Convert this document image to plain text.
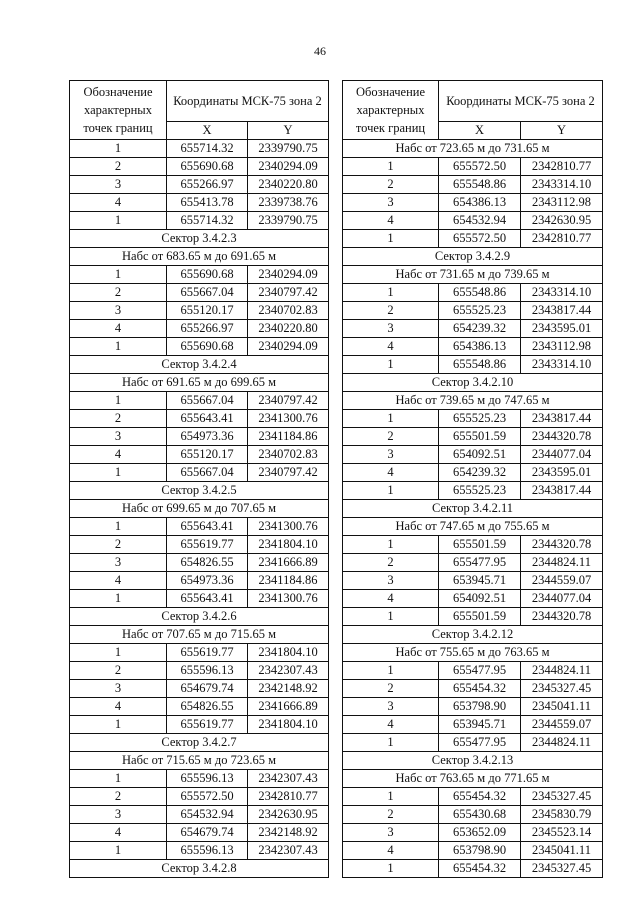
46
Обозначение характерных точек границ	Координаты МСК-75 зона 2	
	X	Y
1	655714.32	2339790.75
2	655690.68	2340294.09
3	655266.97	2340220.80
4	655413.78	2339738.76
1	655714.32	2339790.75
Сектор 3.4.2.3		
Набс от 683.65 м до 691.65 м		
1	655690.68	2340294.09
2	655667.04	2340797.42
3	655120.17	2340702.83
4	655266.97	2340220.80
1	655690.68	2340294.09
Сектор 3.4.2.4		
Набс от 691.65 м до 699.65 м		
1	655667.04	2340797.42
2	655643.41	2341300.76
3	654973.36	2341184.86
4	655120.17	2340702.83
1	655667.04	2340797.42
Сектор 3.4.2.5		
Набс от 699.65 м до 707.65 м		
1	655643.41	2341300.76
2	655619.77	2341804.10
3	654826.55	2341666.89
4	654973.36	2341184.86
1	655643.41	2341300.76
Сектор 3.4.2.6		
Набс от 707.65 м до 715.65 м		
1	655619.77	2341804.10
2	655596.13	2342307.43
3	654679.74	2342148.92
4	654826.55	2341666.89
1	655619.77	2341804.10
Сектор 3.4.2.7		
Набс от 715.65 м до 723.65 м		
1	655596.13	2342307.43
2	655572.50	2342810.77
3	654532.94	2342630.95
4	654679.74	2342148.92
1	655596.13	2342307.43
Сектор 3.4.2.8		
Обозначение характерных точек границ	Координаты МСК-75 зона 2	
	X	Y
Набс от 723.65 м до 731.65 м		
1	655572.50	2342810.77
2	655548.86	2343314.10
3	654386.13	2343112.98
4	654532.94	2342630.95
1	655572.50	2342810.77
Сектор 3.4.2.9		
Набс от 731.65 м до 739.65 м		
1	655548.86	2343314.10
2	655525.23	2343817.44
3	654239.32	2343595.01
4	654386.13	2343112.98
1	655548.86	2343314.10
Сектор 3.4.2.10		
Набс от 739.65 м до 747.65 м		
1	655525.23	2343817.44
2	655501.59	2344320.78
3	654092.51	2344077.04
4	654239.32	2343595.01
1	655525.23	2343817.44
Сектор 3.4.2.11		
Набс от 747.65 м до 755.65 м		
1	655501.59	2344320.78
2	655477.95	2344824.11
3	653945.71	2344559.07
4	654092.51	2344077.04
1	655501.59	2344320.78
Сектор 3.4.2.12		
Набс от 755.65 м до 763.65 м		
1	655477.95	2344824.11
2	655454.32	2345327.45
3	653798.90	2345041.11
4	653945.71	2344559.07
1	655477.95	2344824.11
Сектор 3.4.2.13		
Набс от 763.65 м до 771.65 м		
1	655454.32	2345327.45
2	655430.68	2345830.79
3	653652.09	2345523.14
4	653798.90	2345041.11
1	655454.32	2345327.45
